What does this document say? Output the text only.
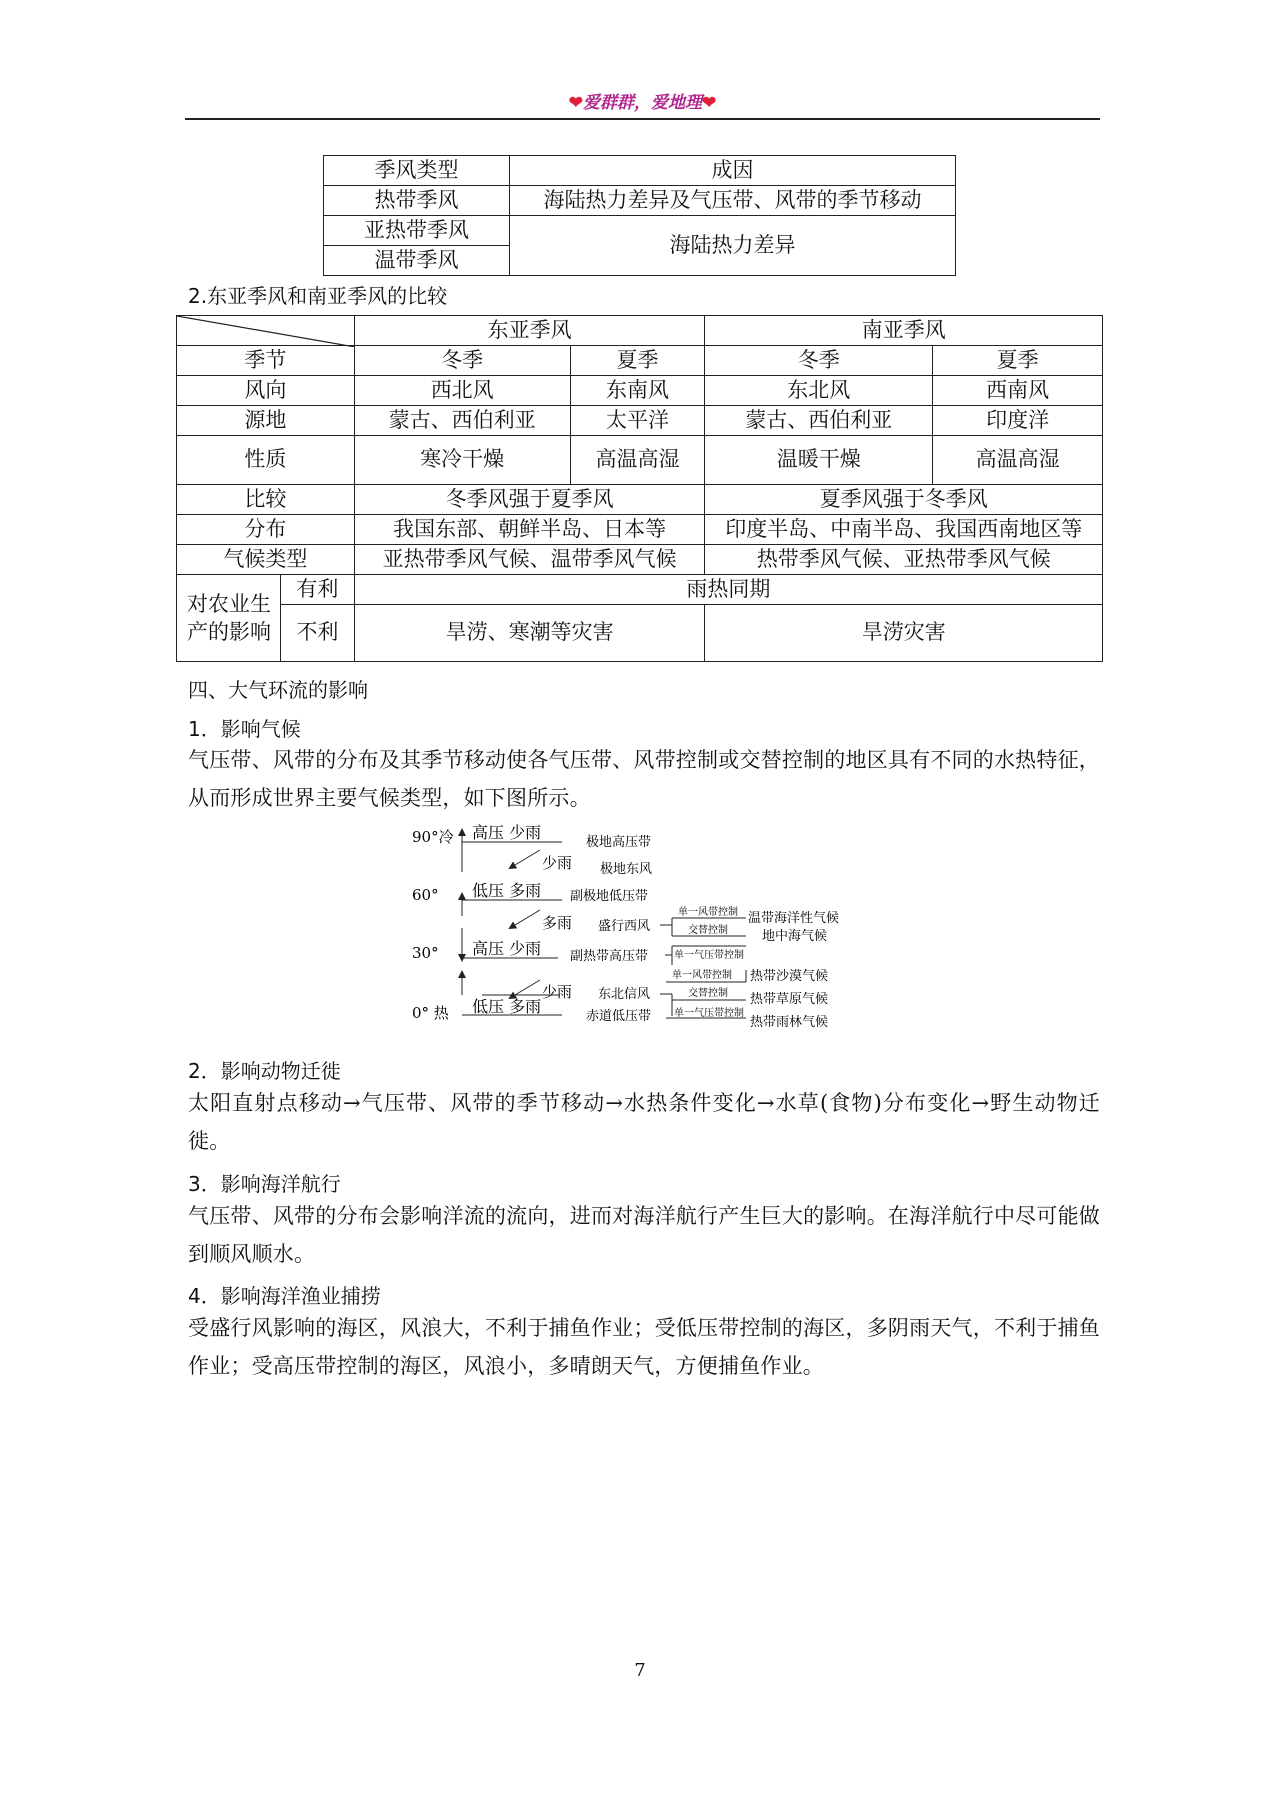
❤爱群群，爱地理❤
季风类型	成因
热带季风	海陆热力差异及气压带、风带的季节移动
亚热带季风	海陆热力差异
温带季风	
2.东亚季风和南亚季风的比较
	东亚季风		南亚季风	
季节		冬季	夏季	冬季	夏季
风向		西北风	东南风	东北风	西南风
源地		蒙古、西伯利亚	太平洋	蒙古、西伯利亚	印度洋
性质		寒冷干燥	高温高湿	温暖干燥	高温高湿
比较		冬季风强于夏季风		夏季风强于冬季风	
分布		我国东部、朝鲜半岛、日本等		印度半岛、中南半岛、我国西南地区等	
气候类型		亚热带季风气候、温带季风气候		热带季风气候、亚热带季风气候	
对农业生产的影响	有利	雨热同期			
	不利	旱涝、寒潮等灾害		旱涝灾害	
四、大气环流的影响
1．影响气候
气压带、风带的分布及其季节移动使各气压带、风带控制或交替控制的地区具有不同的水热特征，从而形成世界主要气候类型，如下图所示。
90°冷
60°
30°
0° 热
高压 少雨
极地高压带
少雨 极地东风
低压 多雨 副极地低压带
多雨 盛行西风
单一风带控制
交替控制
温带海洋性气候
地中海气候
高压 少雨 副热带高压带	单一气压带控制
单一风带控制 热带沙漠气候
少雨 东北信风	交替控制 热带草原气候
低压 多雨
赤道低压带 单一气压带控制
热带雨林气候
2．影响动物迁徙
太阳直射点移动→气压带、风带的季节移动→水热条件变化→水草(食物)分布变化→野生动物迁徙。
3．影响海洋航行
气压带、风带的分布会影响洋流的流向，进而对海洋航行产生巨大的影响。在海洋航行中尽可能做到顺风顺水。
4．影响海洋渔业捕捞
受盛行风影响的海区，风浪大，不利于捕鱼作业；受低压带控制的海区，多阴雨天气，不利于捕鱼作业；受高压带控制的海区，风浪小，多晴朗天气，方便捕鱼作业。
7
